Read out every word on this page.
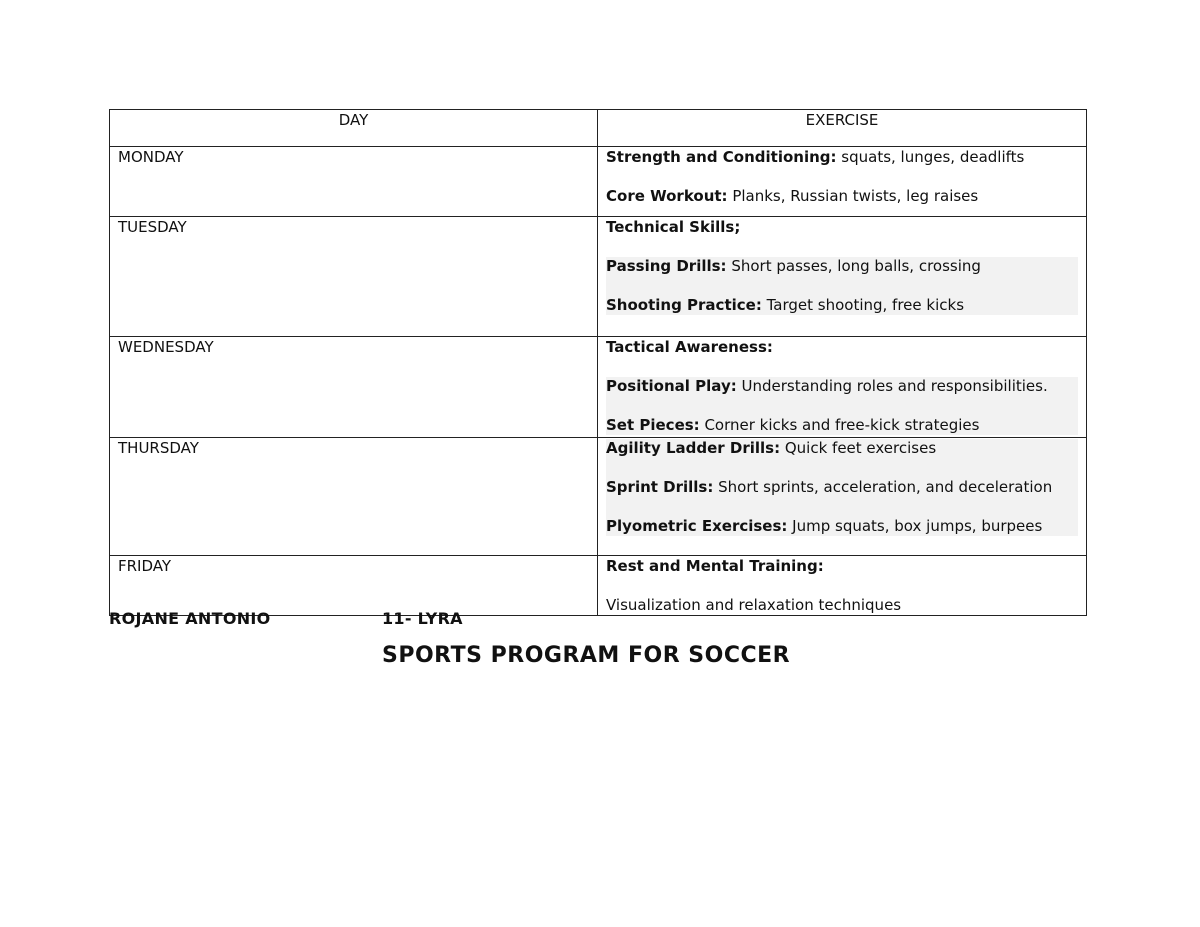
DAY	EXERCISE
MONDAY	Strength and Conditioning: squats, lunges, deadlifts

Core Workout: Planks, Russian twists, leg raises

TUESDAY	Technical Skills;

Passing Drills: Short passes, long balls, crossing

Shooting Practice: Target shooting, free kicks

WEDNESDAY	Tactical Awareness:

Positional Play: Understanding roles and responsibilities.

Set Pieces: Corner kicks and free-kick strategies

THURSDAY	Agility Ladder Drills: Quick feet exercises

Sprint Drills: Short sprints, acceleration, and deceleration

Plyometric Exercises: Jump squats, box jumps, burpees

FRIDAY	Rest and Mental Training:

Visualization and relaxation techniques

ROJANE ANTONIO	11- LYRA
SPORTS PROGRAM FOR SOCCER
